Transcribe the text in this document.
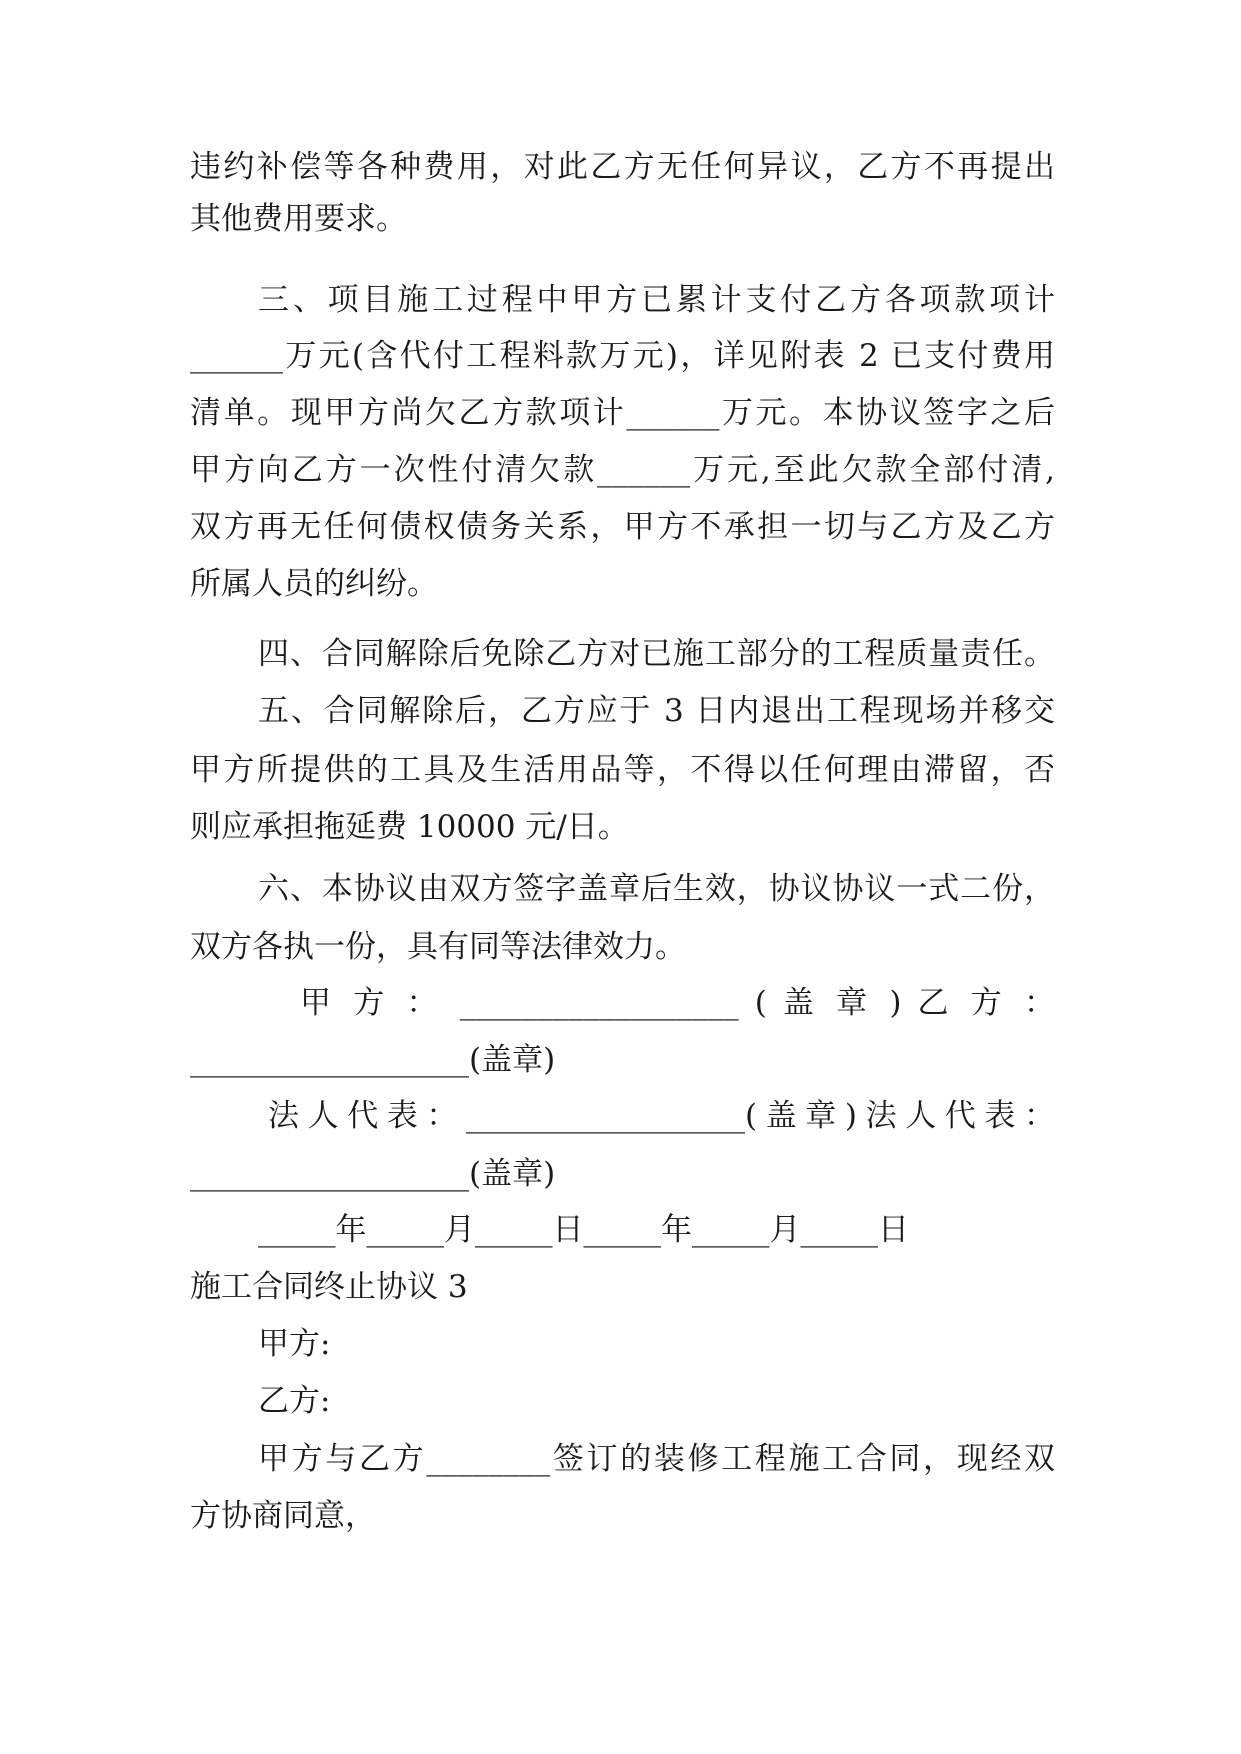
违约补偿等各种费用，对此乙方无任何异议，乙方不再提出
其他费用要求。
三、项目施工过程中甲方已累计支付乙方各项款项计
______万元(含代付工程料款万元)，详见附表 2 已支付费用
清单。现甲方尚欠乙方款项计______万元。本协议签字之后
甲方向乙方一次性付清欠款______万元,至此欠款全部付清,
双方再无任何债权债务关系，甲方不承担一切与乙方及乙方
所属人员的纠纷。
四、合同解除后免除乙方对已施工部分的工程质量责任。
五、合同解除后，乙方应于 3 日内退出工程现场并移交
甲方所提供的工具及生活用品等，不得以任何理由滞留，否
则应承担拖延费 10000 元/日。
六、本协议由双方签字盖章后生效，协议协议一式二份，
双方各执一份，具有同等法律效力。
甲 方 ： __________________ ( 盖 章 ) 乙 方 ：
__________________(盖章)
法人代表：__________________(盖章)法人代表：
__________________(盖章)
_____年_____月_____日_____年_____月_____日
施工合同终止协议 3
甲方:
乙方:
甲方与乙方________签订的装修工程施工合同，现经双
方协商同意，
